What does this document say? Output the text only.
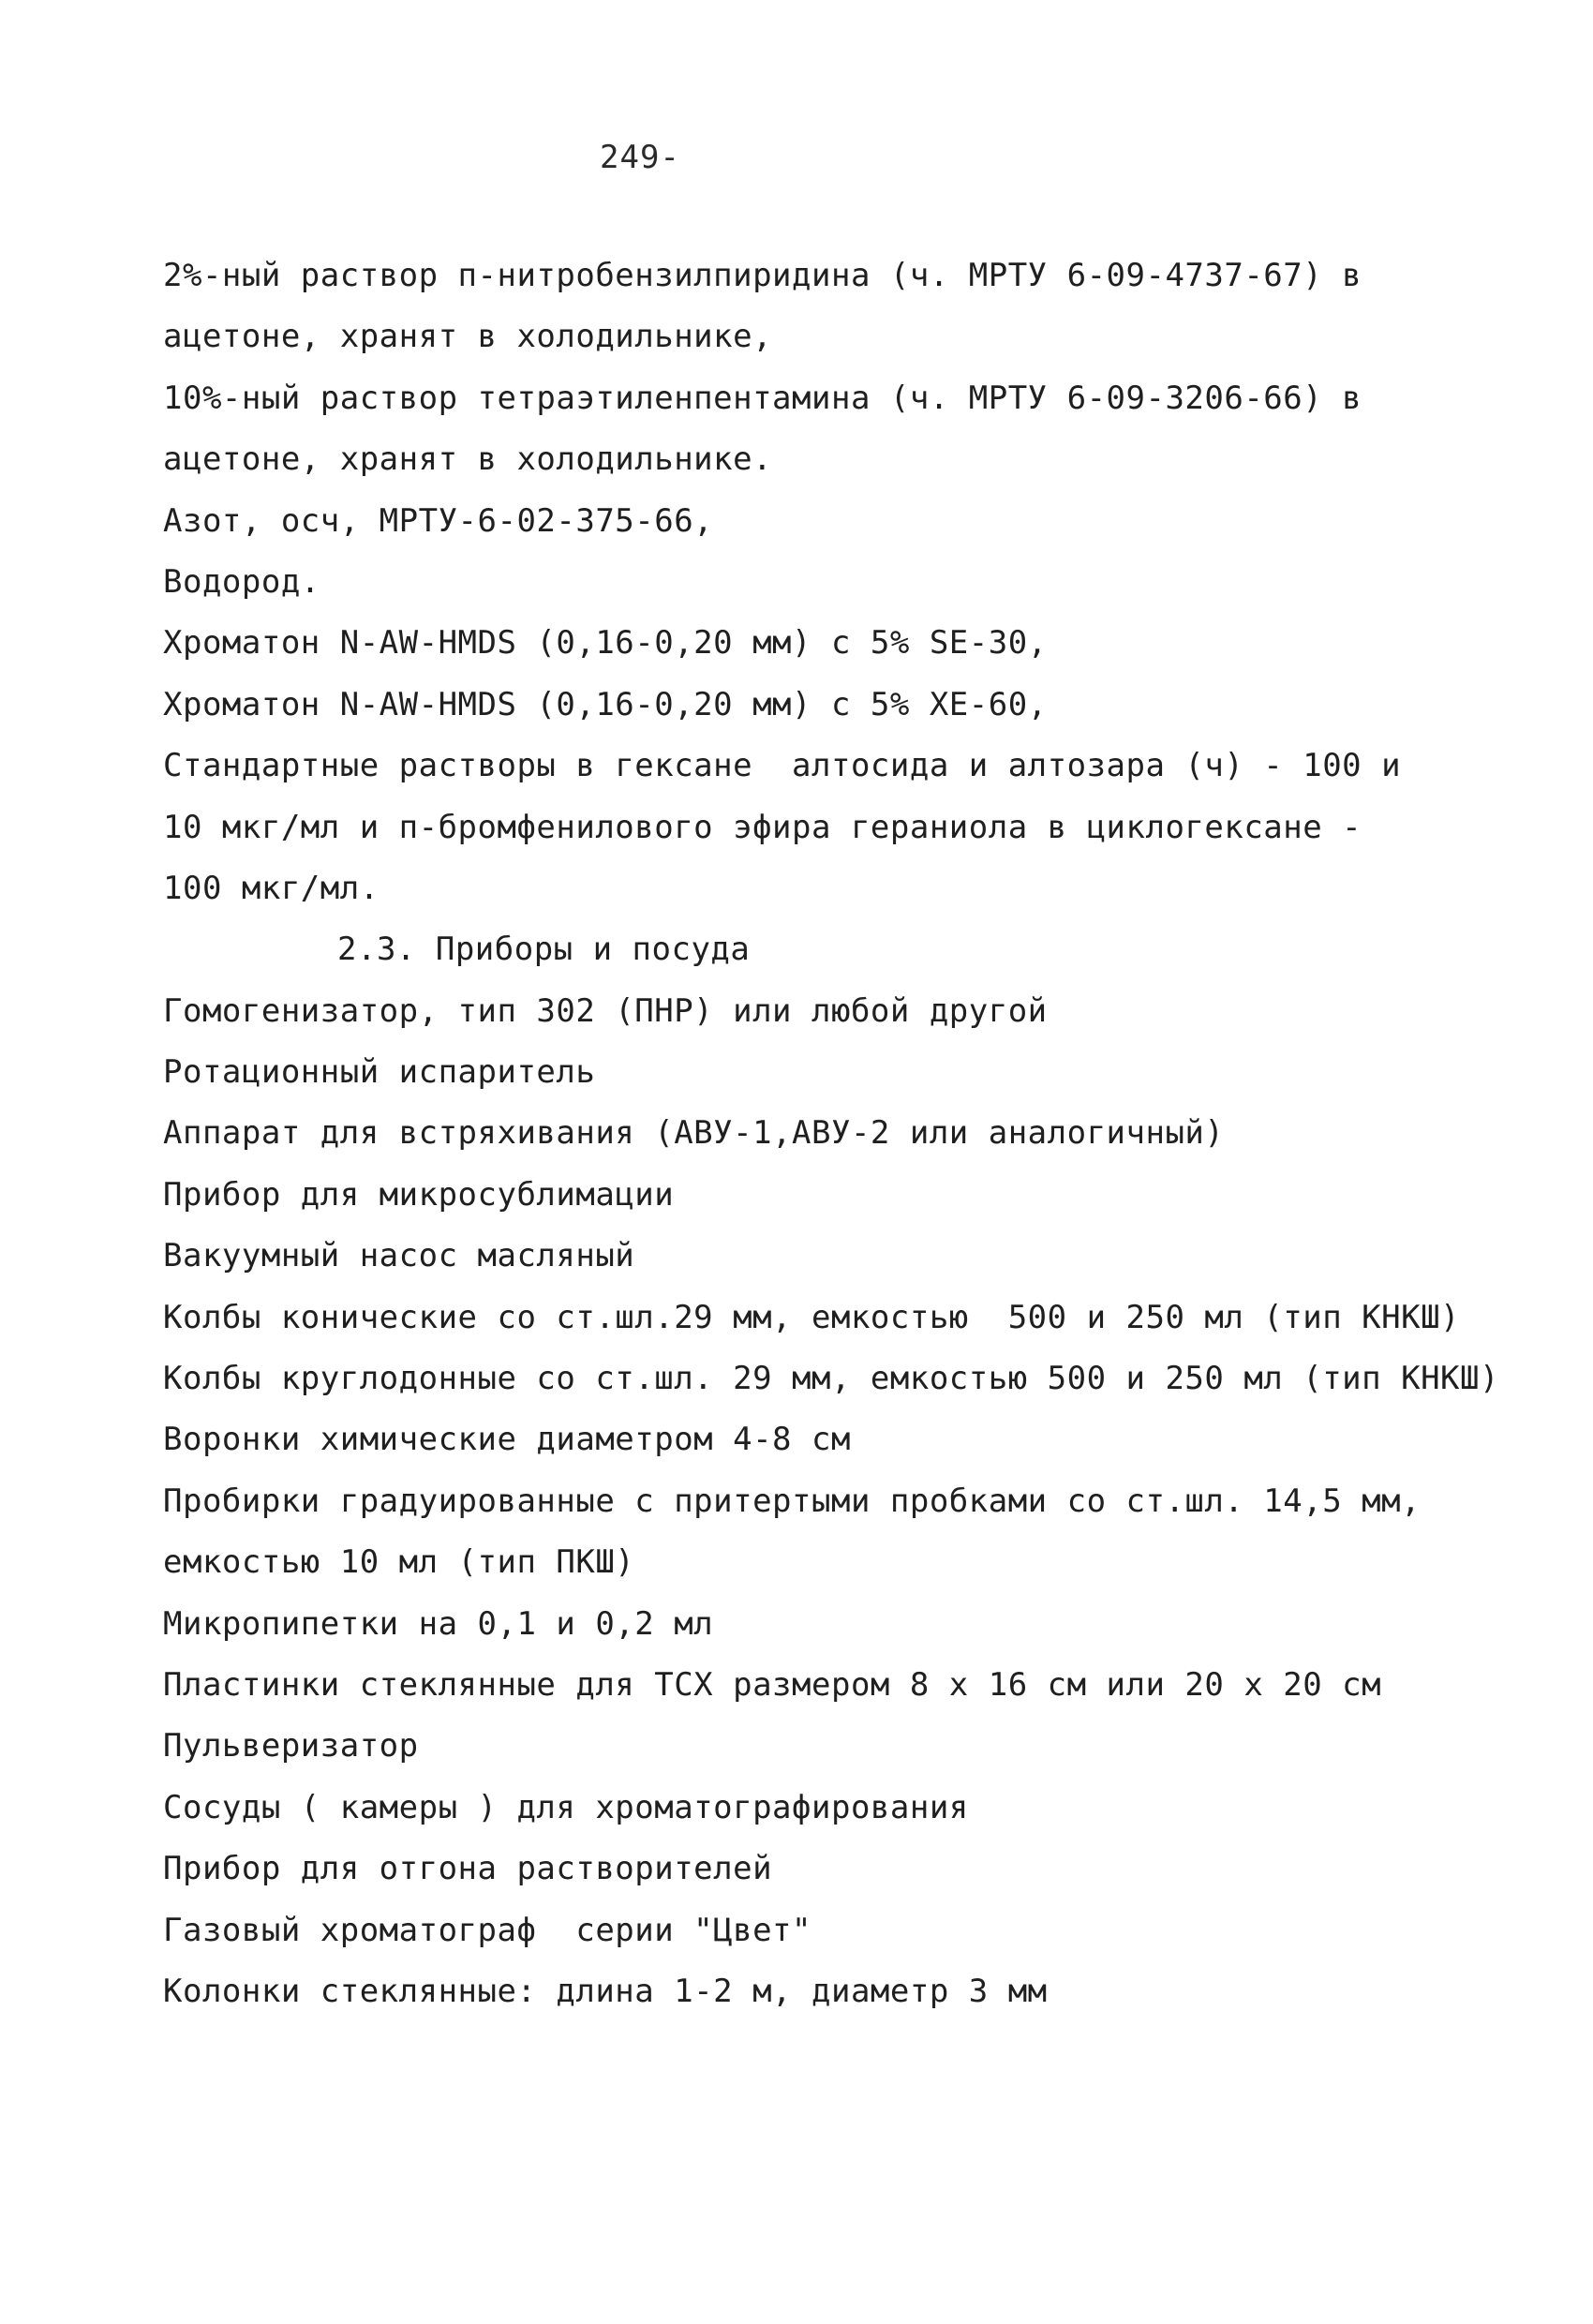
249-
2%-ный раствор п-нитробензилпиридина (ч. МРТУ 6-09-4737-67) в
ацетоне, хранят в холодильнике,
10%-ный раствор тетраэтиленпентамина (ч. МРТУ 6-09-3206-66) в
ацетоне, хранят в холодильнике.
Азот, осч, МРТУ-6-02-375-66,
Водород.
Хроматон N-AW-HMDS (0,16-0,20 мм) с 5% SE-30,
Хроматон N-AW-HMDS (0,16-0,20 мм) с 5% XE-60,
Стандартные растворы в гексане  алтосида и алтозара (ч) - 100 и
10 мкг/мл и п-бромфенилового эфира гераниола в циклогексане -
100 мкг/мл.
2.3. Приборы и посуда
Гомогенизатор, тип 302 (ПНР) или любой другой
Ротационный испаритель
Аппарат для встряхивания (АВУ-1,АВУ-2 или аналогичный)
Прибор для микросублимации
Вакуумный насос масляный
Колбы конические со ст.шл.29 мм, емкостью  500 и 250 мл (тип КНКШ)
Колбы круглодонные со ст.шл. 29 мм, емкостью 500 и 250 мл (тип КНКШ)
Воронки химические диаметром 4-8 см
Пробирки градуированные с притертыми пробками со ст.шл. 14,5 мм,
емкостью 10 мл (тип ПКШ)
Микропипетки на 0,1 и 0,2 мл
Пластинки стеклянные для ТСХ размером 8 х 16 см или 20 х 20 см
Пульверизатор
Сосуды ( камеры ) для хроматографирования
Прибор для отгона растворителей
Газовый хроматограф  серии "Цвет"
Колонки стеклянные: длина 1-2 м, диаметр 3 мм
